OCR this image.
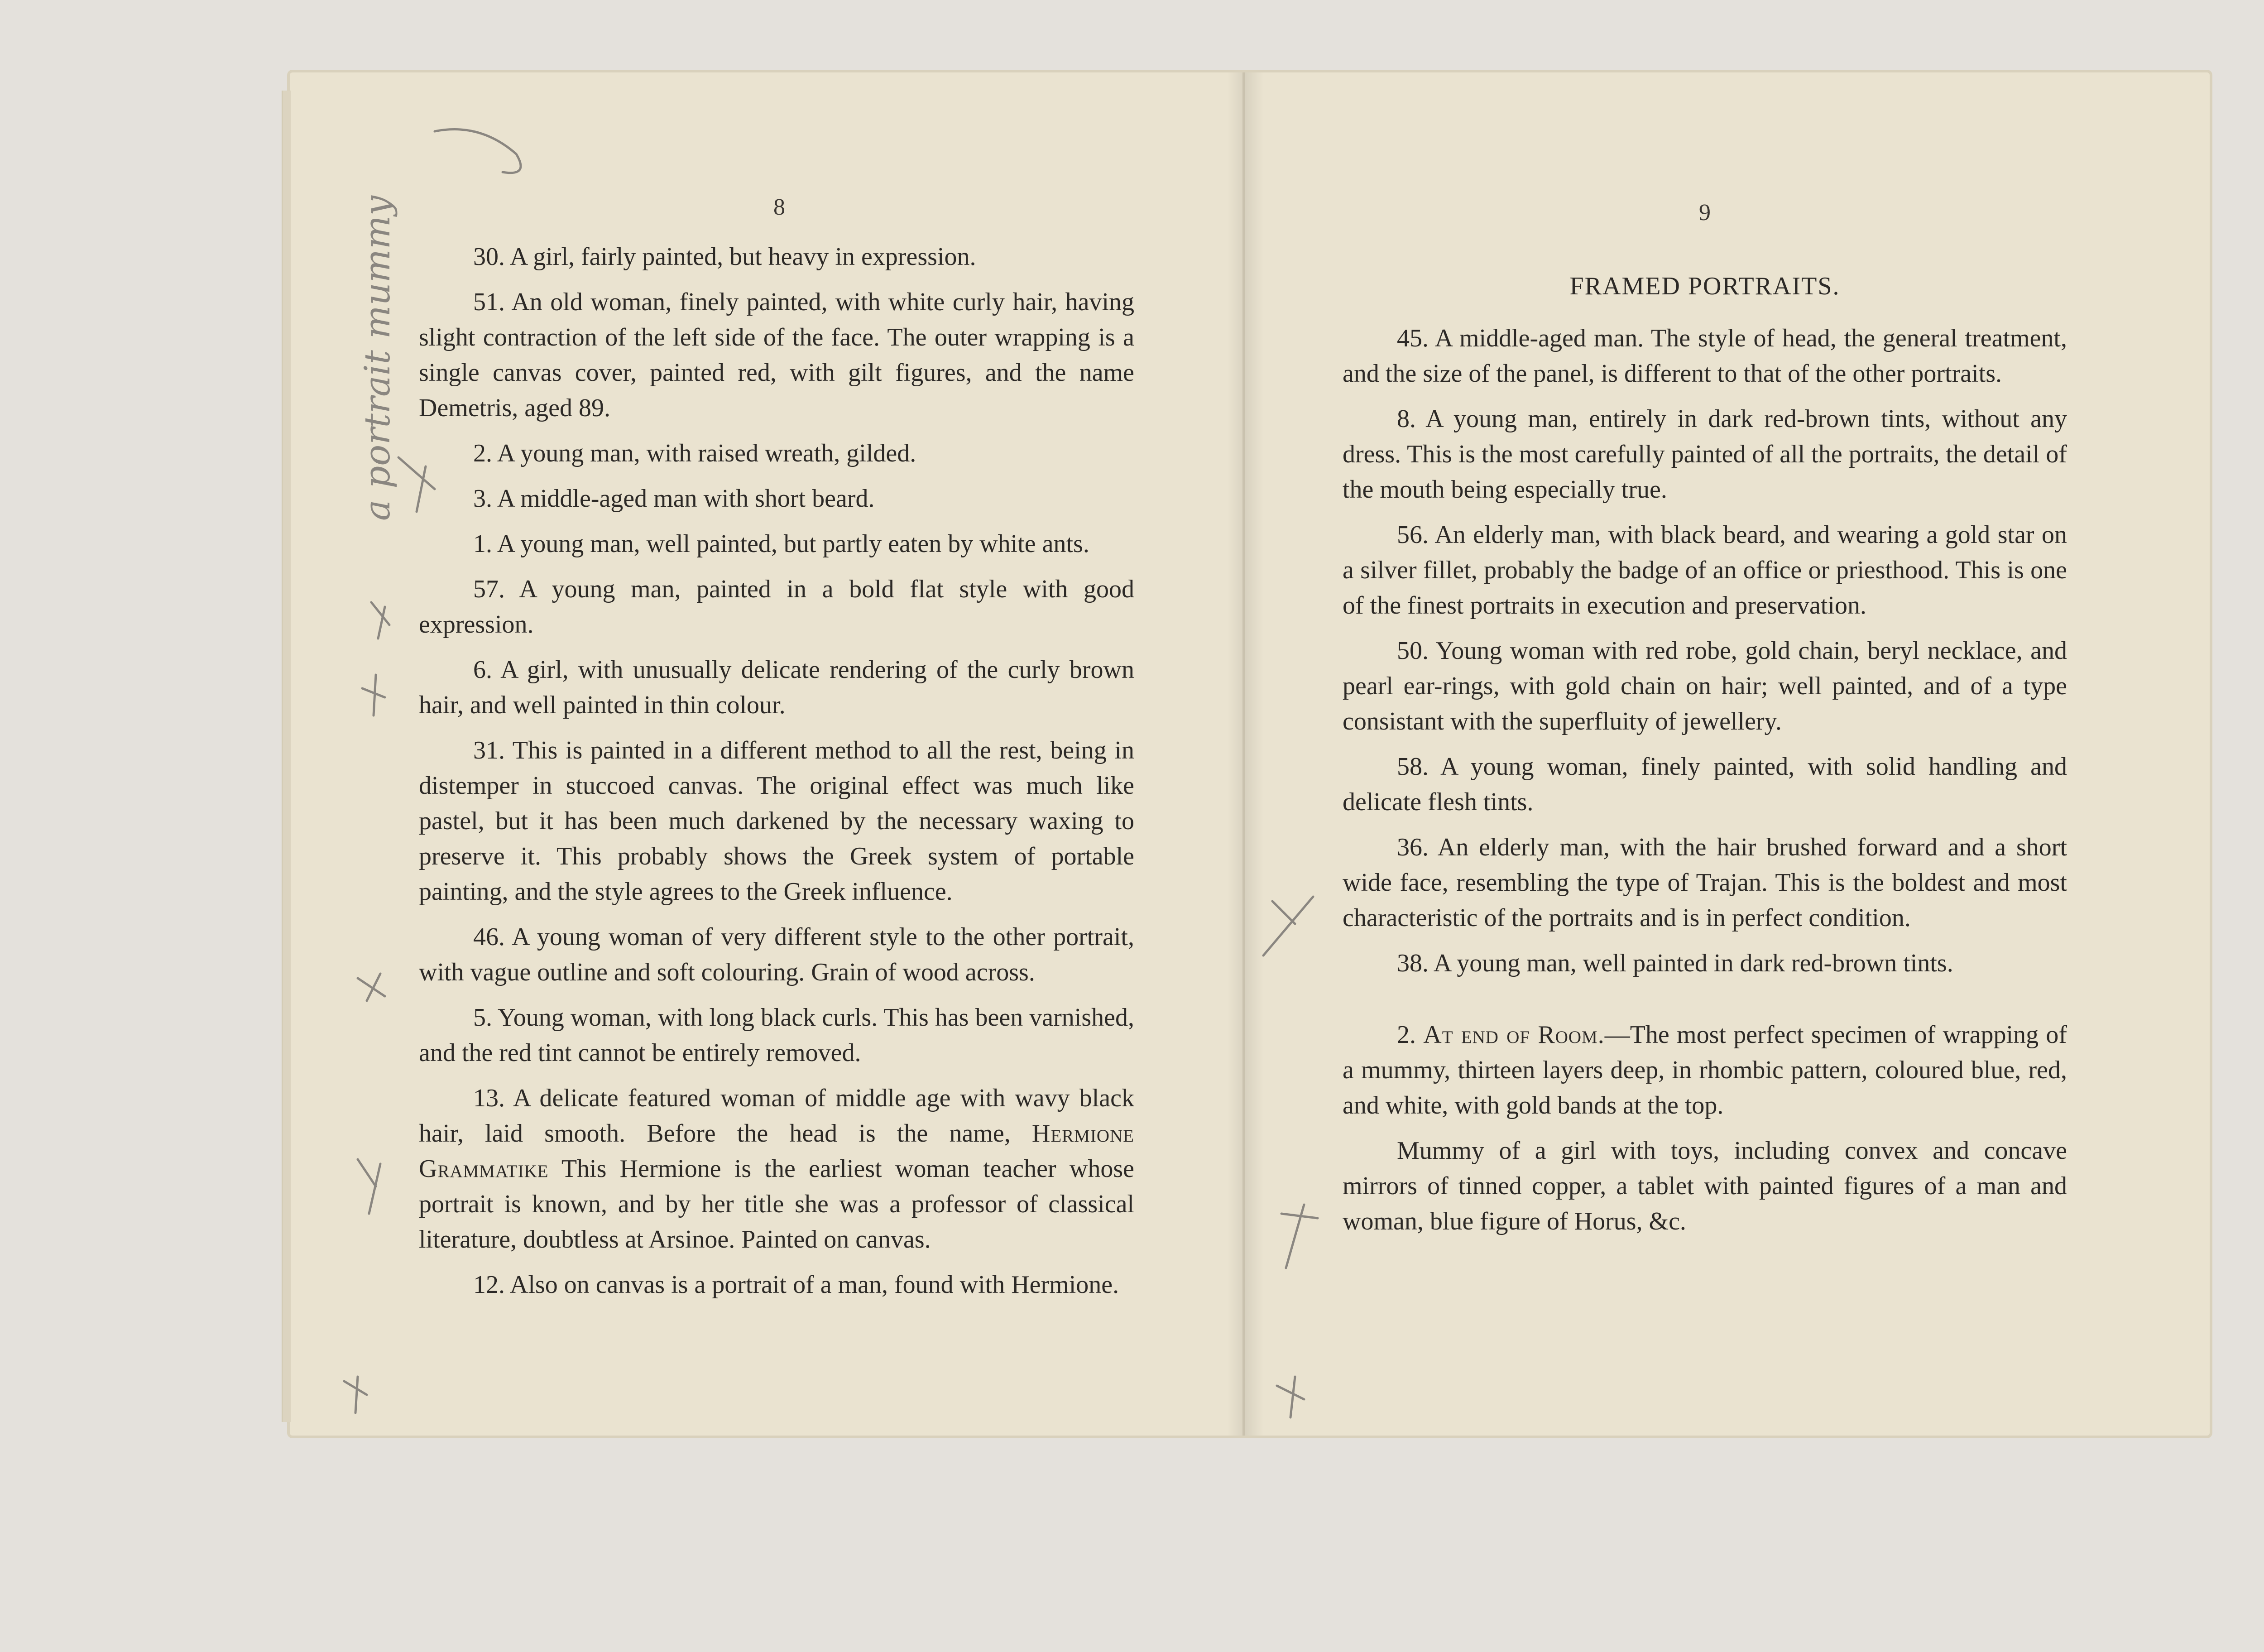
8

30. A girl, fairly painted, but heavy in expression.

51. An old woman, finely painted, with white curly hair, having slight contraction of the left side of the face. The outer wrapping is a single canvas cover, painted red, with gilt figures, and the name Demetris, aged 89.

2. A young man, with raised wreath, gilded.

3. A middle-aged man with short beard.

1. A young man, well painted, but partly eaten by white ants.

57. A young man, painted in a bold flat style with good expression.

6. A girl, with unusually delicate rendering of the curly brown hair, and well painted in thin colour.

31. This is painted in a different method to all the rest, being in distemper in stuccoed canvas. The original effect was much like pastel, but it has been much darkened by the necessary waxing to preserve it. This probably shows the Greek system of portable painting, and the style agrees to the Greek influence.

46. A young woman of very different style to the other portrait, with vague outline and soft colouring. Grain of wood across.

5. Young woman, with long black curls. This has been varnished, and the red tint cannot be entirely removed.

13. A delicate featured woman of middle age with wavy black hair, laid smooth. Before the head is the name, Hermione Grammatike This Hermione is the earliest woman teacher whose portrait is known, and by her title she was a professor of classical literature, doubtless at Arsinoe. Painted on canvas.

12. Also on canvas is a portrait of a man, found with Hermione.

9
FRAMED PORTRAITS.

45. A middle-aged man. The style of head, the general treatment, and the size of the panel, is different to that of the other portraits.

8. A young man, entirely in dark red-brown tints, without any dress. This is the most carefully painted of all the portraits, the detail of the mouth being especially true.

56. An elderly man, with black beard, and wearing a gold star on a silver fillet, probably the badge of an office or priesthood. This is one of the finest portraits in execution and preservation.

50. Young woman with red robe, gold chain, beryl necklace, and pearl ear-rings, with gold chain on hair; well painted, and of a type consistant with the superfluity of jewellery.

58. A young woman, finely painted, with solid handling and delicate flesh tints.

36. An elderly man, with the hair brushed forward and a short wide face, resembling the type of Trajan. This is the boldest and most characteristic of the portraits and is in perfect condition.

38. A young man, well painted in dark red-brown tints.

2. At end of Room.—The most perfect specimen of wrapping of a mummy, thirteen layers deep, in rhombic pattern, coloured blue, red, and white, with gold bands at the top.

Mummy of a girl with toys, including convex and concave mirrors of tinned copper, a tablet with painted figures of a man and woman, blue figure of Horus, &c.

a portrait mummy
